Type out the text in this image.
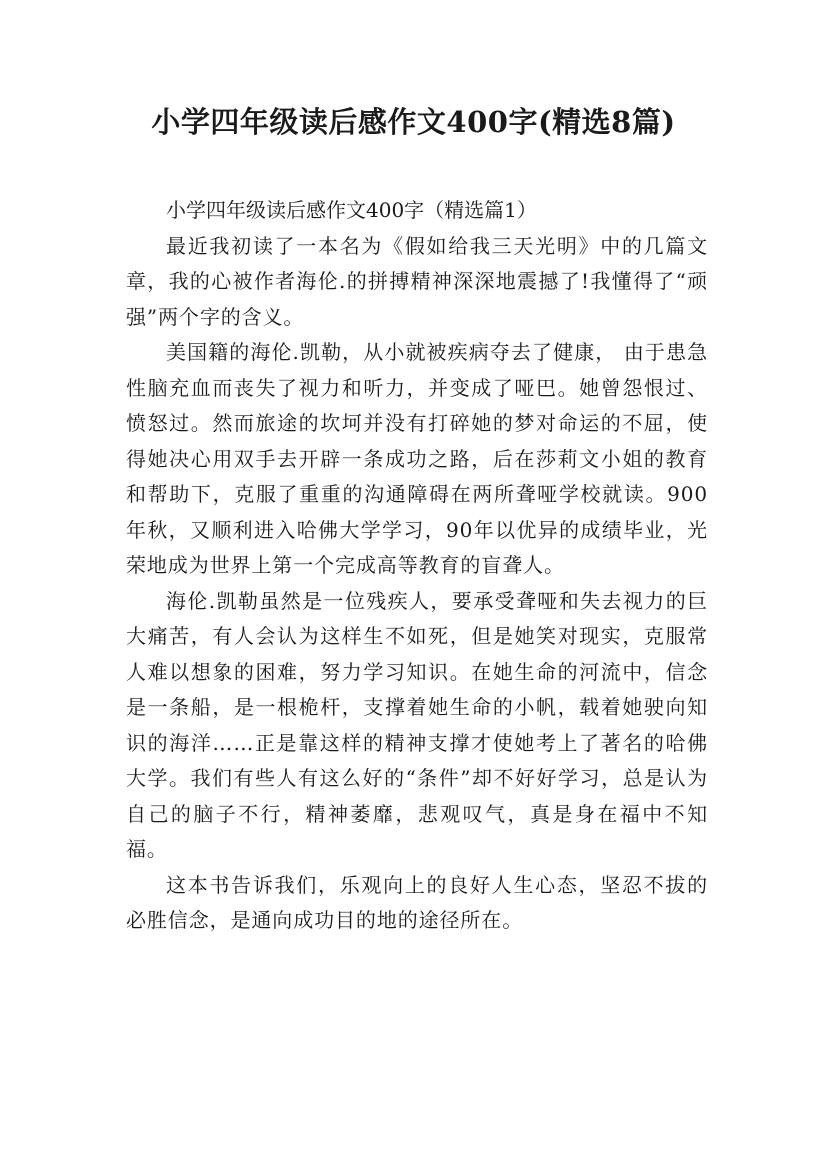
小学四年级读后感作文400字(精选8篇)

小学四年级读后感作文400字（精选篇1）

最近我初读了一本名为《假如给我三天光明》中的几篇文章，我的心被作者海伦.的拼搏精神深深地震撼了!我懂得了“顽强”两个字的含义。

美国籍的海伦.凯勒，从小就被疾病夺去了健康， 由于患急性脑充血而丧失了视力和听力，并变成了哑巴。她曾怨恨过、愤怒过。然而旅途的坎坷并没有打碎她的梦对命运的不屈，使得她决心用双手去开辟一条成功之路，后在莎莉文小姐的教育和帮助下，克服了重重的沟通障碍在两所聋哑学校就读。900年秋，又顺利进入哈佛大学学习，90年以优异的成绩毕业，光荣地成为世界上第一个完成高等教育的盲聋人。

海伦.凯勒虽然是一位残疾人，要承受聋哑和失去视力的巨大痛苦，有人会认为这样生不如死，但是她笑对现实，克服常人难以想象的困难，努力学习知识。在她生命的河流中，信念是一条船，是一根桅杆，支撑着她生命的小帆，载着她驶向知识的海洋……正是靠这样的精神支撑才使她考上了著名的哈佛大学。我们有些人有这么好的“条件”却不好好学习，总是认为自己的脑子不行，精神萎靡，悲观叹气，真是身在福中不知福。

这本书告诉我们，乐观向上的良好人生心态，坚忍不拔的必胜信念，是通向成功目的地的途径所在。
